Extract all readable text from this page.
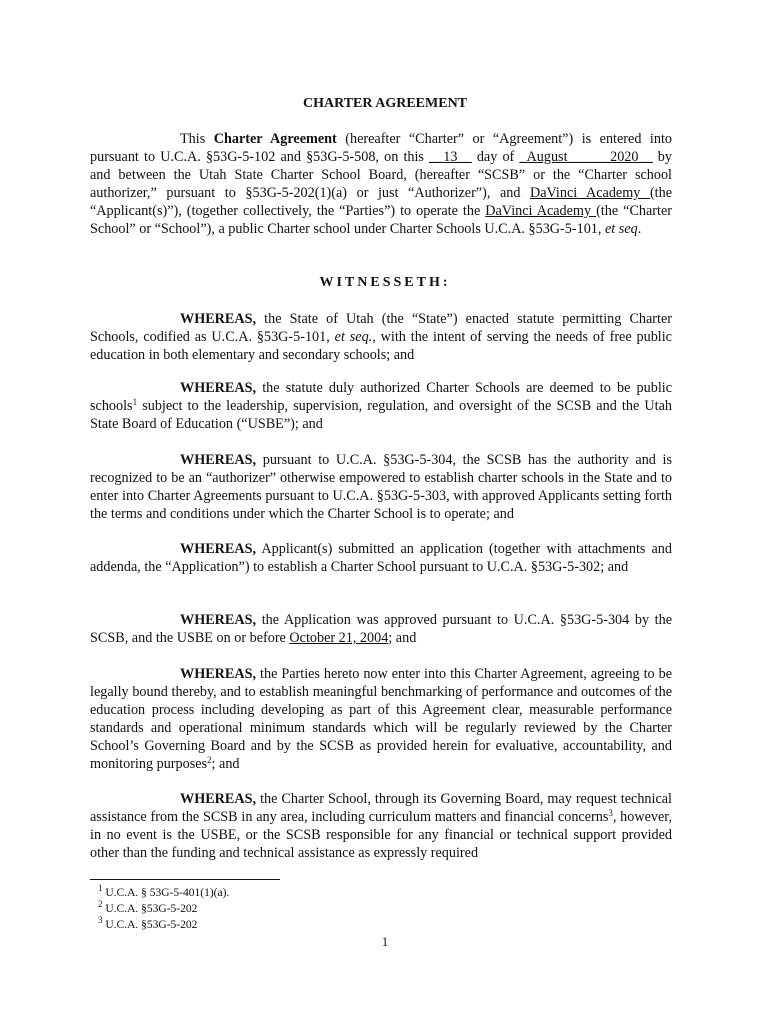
CHARTER AGREEMENT
This Charter Agreement (hereafter “Charter” or “Agreement”) is entered into pursuant to U.C.A. §53G-5-102 and §53G-5-508, on this __13__ day of _August______2020__ by and between the Utah State Charter School Board, (hereafter “SCSB” or the “Charter school authorizer,” pursuant to §53G-5-202(1)(a) or just “Authorizer”), and DaVinci Academy (the “Applicant(s)”), (together collectively, the “Parties”) to operate the DaVinci Academy (the “Charter School” or “School”), a public Charter school under Charter Schools U.C.A. §53G-5-101, et seq.
WITNESSETH:
WHEREAS, the State of Utah (the “State”) enacted statute permitting Charter Schools, codified as U.C.A. §53G-5-101, et seq., with the intent of serving the needs of free public education in both elementary and secondary schools; and
WHEREAS, the statute duly authorized Charter Schools are deemed to be public schools$^1$ subject to the leadership, supervision, regulation, and oversight of the SCSB and the Utah State Board of Education (“USBE”); and
WHEREAS, pursuant to U.C.A. §53G-5-304, the SCSB has the authority and is recognized to be an “authorizer” otherwise empowered to establish charter schools in the State and to enter into Charter Agreements pursuant to U.C.A. §53G-5-303, with approved Applicants setting forth the terms and conditions under which the Charter School is to operate; and
WHEREAS, Applicant(s) submitted an application (together with attachments and addenda, the “Application”) to establish a Charter School pursuant to U.C.A. §53G-5-302; and
WHEREAS, the Application was approved pursuant to U.C.A. §53G-5-304 by the SCSB, and the USBE on or before October 21, 2004; and
WHEREAS, the Parties hereto now enter into this Charter Agreement, agreeing to be legally bound thereby, and to establish meaningful benchmarking of performance and outcomes of the education process including developing as part of this Agreement clear, measurable performance standards and operational minimum standards which will be regularly reviewed by the Charter School’s Governing Board and by the SCSB as provided herein for evaluative, accountability, and monitoring purposes$^2$; and
WHEREAS, the Charter School, through its Governing Board, may request technical assistance from the SCSB in any area, including curriculum matters and financial concerns$^3$, however, in no event is the USBE, or the SCSB responsible for any financial or technical support provided other than the funding and technical assistance as expressly required
$^1$ U.C.A. § 53G-5-401(1)(a).
$^2$ U.C.A. §53G-5-202
$^3$ U.C.A. §53G-5-202
1
